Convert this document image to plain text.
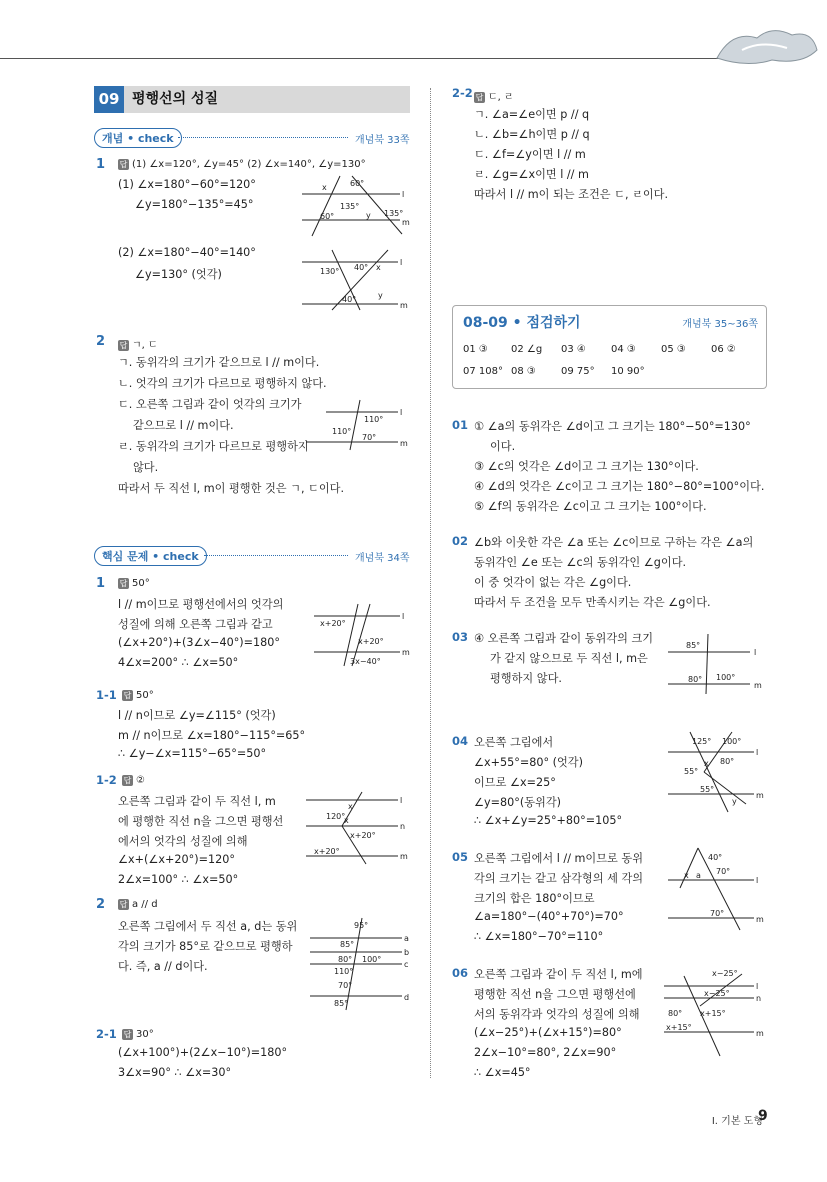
09 평행선의 성질
개념 • check	개념북 33쪽
1 답 (1) ∠x=120°, ∠y=45° (2) ∠x=140°, ∠y=130°
(1) ∠x=180°−60°=120°
∠y=180°−135°=45°
(2) ∠x=180°−40°=140°
∠y=130° (엇각)
x	60°
135°
60°	y 135°
l
m
130° 40° x
40°	y
l
m
2 답 ㄱ, ㄷ
ㄱ. 동위각의 크기가 같으므로 l // m이다.
ㄴ. 엇각의 크기가 다르므로 평행하지 않다.
ㄷ. 오른쪽 그림과 같이 엇각의 크기가
같으므로 l // m이다.
ㄹ. 동위각의 크기가 다르므로 평행하지
않다.
따라서 두 직선 l, m이 평행한 것은 ㄱ, ㄷ이다.
110°
110°
70°
l
m
핵심 문제 • check	개념북 34쪽
1 답 50°
l // m이므로 평행선에서의 엇각의
성질에 의해 오른쪽 그림과 같고
(∠x+20°)+(3∠x−40°)=180°
4∠x=200° ∴ ∠x=50°
x+20°
x+20°
3x−40°
l
m
1-1 답 50°
l // n이므로 ∠y=∠115° (엇각)
m // n이므로 ∠x=180°−115°=65°
∴ ∠y−∠x=115°−65°=50°
1-2 답 ②
오른쪽 그림과 같이 두 직선 l, m
에 평행한 직선 n을 그으면 평행선
에서의 엇각의 성질에 의해
∠x+(∠x+20°)=120°
2∠x=100° ∴ ∠x=50°
x
120°
x
x+20°
x+20°
l
n
m
2 답 a // d
오른쪽 그림에서 두 직선 a, d는 동위
각의 크기가 85°로 같으므로 평행하
다. 즉, a // d이다.
95°
85°
80° 100°
110°
70°
85°
a
b
c
d
2-1 답 30°
(∠x+100°)+(2∠x−10°)=180°
3∠x=90° ∴ ∠x=30°
2-2 답 ㄷ, ㄹ
ㄱ. ∠a=∠e이면 p // q
ㄴ. ∠b=∠h이면 p // q
ㄷ. ∠f=∠y이면 l // m
ㄹ. ∠g=∠x이면 l // m
따라서 l // m이 되는 조건은 ㄷ, ㄹ이다.
08-09 • 점검하기	개념북 35~36쪽
01 ③ 02 ∠g 03 ④	04 ③	05 ③	06 ②
07 108° 08 ③	09 75° 10 90°
01 ① ∠a의 동위각은 ∠d이고 그 크기는 180°−50°=130°
이다.
③ ∠c의 엇각은 ∠d이고 그 크기는 130°이다.
④ ∠d의 엇각은 ∠c이고 그 크기는 180°−80°=100°이다.
⑤ ∠f의 동위각은 ∠c이고 그 크기는 100°이다.
02 ∠b와 이웃한 각은 ∠a 또는 ∠c이므로 구하는 각은 ∠a의
동위각인 ∠e 또는 ∠c의 동위각인 ∠g이다.
이 중 엇각이 없는 각은 ∠g이다.
따라서 두 조건을 모두 만족시키는 각은 ∠g이다.
03 ④ 오른쪽 그림과 같이 동위각의 크기
가 같지 않으므로 두 직선 l, m은
평행하지 않다.
85°
80° 100°
l
m
04 오른쪽 그림에서
∠x+55°=80° (엇각)
이므로 ∠x=25°
∠y=80°(동위각)
∴ ∠x+∠y=25°+80°=105°
125° 100°
55°
x 80°
55°
y
l
m
05 오른쪽 그림에서 l // m이므로 동위
각의 크기는 같고 삼각형의 세 각의
크기의 합은 180°이므로
∠a=180°−(40°+70°)=70°
∴ ∠x=180°−70°=110°
40°
x a 70°
70°
l
m
06 오른쪽 그림과 같이 두 직선 l, m에
평행한 직선 n을 그으면 평행선에
서의 동위각과 엇각의 성질에 의해
(∠x−25°)+(∠x+15°)=80°
2∠x−10°=80°, 2∠x=90°
∴ ∠x=45°
x−25°
x−25°
80° x+15°
x+15°
l
n
m
Ⅰ. 기본 도형
9
